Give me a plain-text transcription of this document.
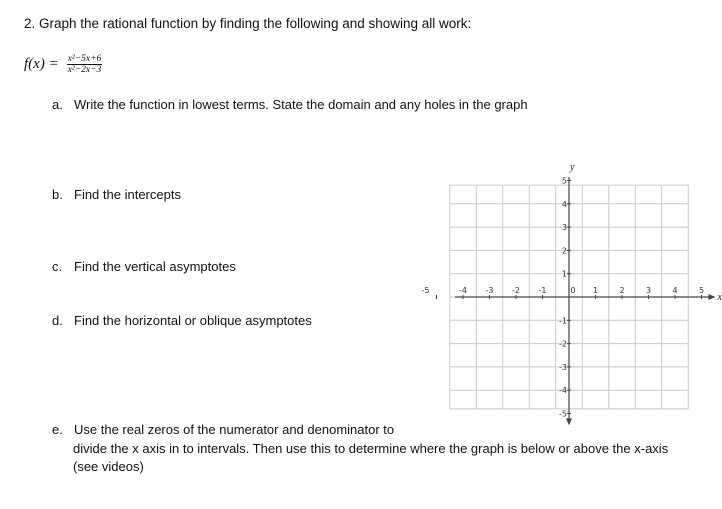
2. Graph the rational function by finding the following and showing all work:
$f(x) = \frac{\text{x²−5x+6}}{\text{x²−2x−3}}$
a. Write the function in lowest terms. State the domain and any holes in the graph
b. Find the intercepts
c. Find the vertical asymptotes
d. Find the horizontal or oblique asymptotes
e. Use the real zeros of the numerator and denominator to
divide the x axis in to intervals. Then use this to determine where the graph is below or above the x-axis (see videos)
x
y
-5	-4 -3 -2 -1	0 1	2	3	4	5
5
4
3
2
1
-1
-2
-3
-4
-5
